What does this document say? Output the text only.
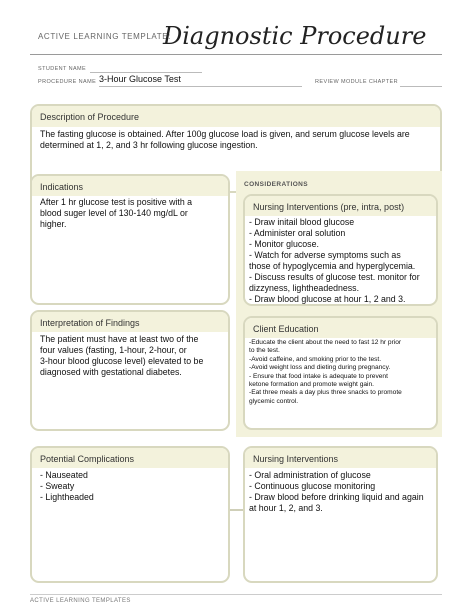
ACTIVE LEARNING TEMPLATE:
Diagnostic Procedure
STUDENT NAME
PROCEDURE NAME 3-Hour Glucose Test	REVIEW MODULE CHAPTER
Description of Procedure
The fasting glucose is obtained. After 100g glucose load is given, and serum glucose levels are determined at 1, 2, and 3 hr following glucose ingestion.
CONSIDERATIONS
Indications
After 1 hr glucose test is positive with a
blood suger level of 130-140 mg/dL or
higher.
Nursing Interventions (pre, intra, post)
- Draw initail blood glucose
- Administer oral solution
- Monitor glucose.
- Watch for adverse symptoms such as
those of hypoglycemia and hyperglycemia.
- Discuss results of glucose test. monitor for
dizzyness, lightheadedness.
- Draw blood glucose at hour 1, 2 and 3.
Interpretation of Findings
The patient must have at least two of the
four values (fasting, 1-hour, 2-hour, or
3-hour blood glucose level) elevated to be
diagnosed with gestational diabetes.
Client Education
-Educate the client about the need to fast 12 hr prior
to the test.
-Avoid caffeine, and smoking prior to the test.
-Avoid weight loss and dieting during pregnancy.
- Ensure that food intake is adequate to prevent
ketone formation and promote weight gain.
-Eat three meals a day plus three snacks to promote
glycemic control.
Potential Complications
- Nauseated
- Sweaty
- Lightheaded
Nursing Interventions
- Oral administration of glucose
- Continuous glucose monitoring
- Draw blood before drinking liquid and again
at hour 1, 2, and 3.
ACTIVE LEARNING TEMPLATES
